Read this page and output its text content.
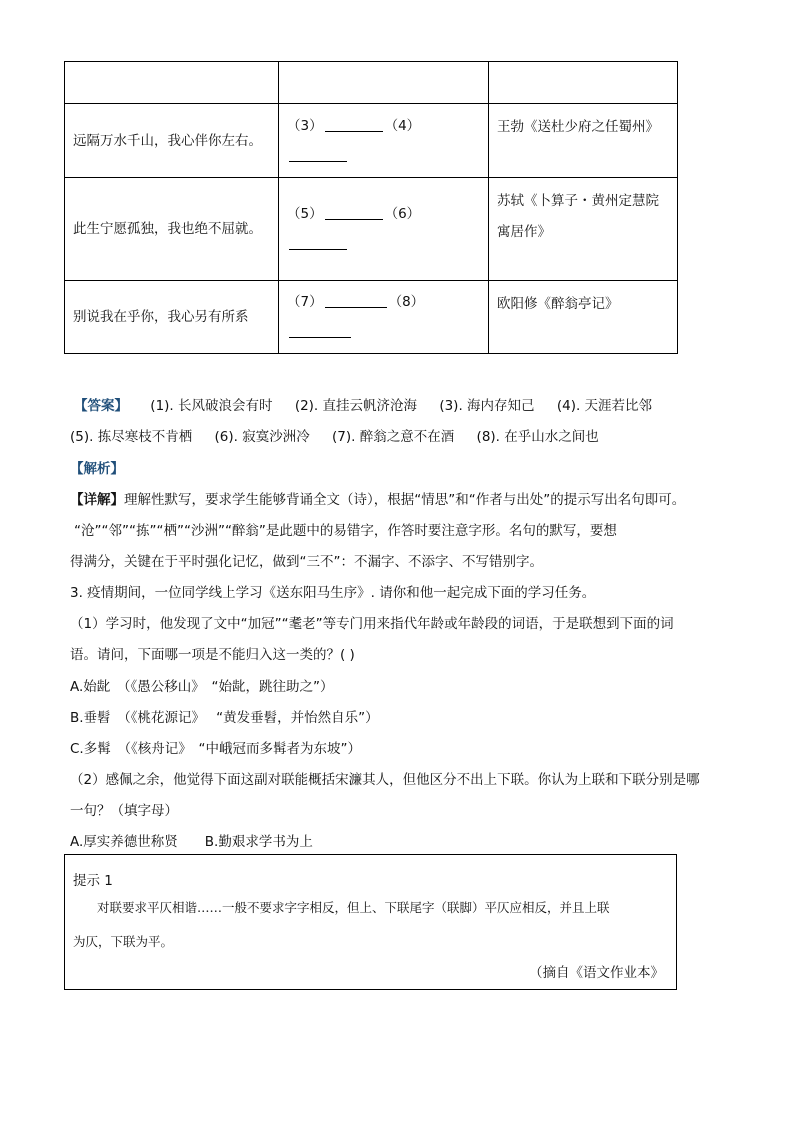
远隔万水千山，我心伴你左右。	（3） （4）	王勃《送杜少府之任蜀州》
此生宁愿孤独，我也绝不屈就。	（5） （6）	苏轼《卜算子・黄州定慧院寓居作》
别说我在乎你，我心另有所系	（7） （8）	欧阳修《醉翁亭记》
【答案】 (1). 长风破浪会有时 (2). 直挂云帆济沧海 (3). 海内存知己 (4). 天涯若比邻
(5). 拣尽寒枝不肯栖 (6). 寂寞沙洲冷 (7). 醉翁之意不在酒 (8). 在乎山水之间也
【解析】
【详解】理解性默写，要求学生能够背诵全文（诗），根据“情思”和“作者与出处”的提示写出名句即可。
“沧”“邻”“拣”“栖”“沙洲”“醉翁”是此题中的易错字，作答时要注意字形。名句的默写，要想
得满分，关键在于平时强化记忆，做到“三不”：不漏字、不添字、不写错别字。
3. 疫情期间，一位同学线上学习《送东阳马生序》. 请你和他一起完成下面的学习任务。
（1）学习时，他发现了文中“加冠”“耄老”等专门用来指代年龄或年龄段的词语，于是联想到下面的词
语。请问，下面哪一项是不能归入这一类的？( )
A.始龀　（《愚公移山》　“始龀，跳往助之”）
B.垂髫　（《桃花源记》　 “黄发垂髫，并怡然自乐”）
C.多髯　（《核舟记》　“中峨冠而多髯者为东坡”）
（2）感佩之余，他觉得下面这副对联能概括宋濂其人，但他区分不出上下联。你认为上联和下联分别是哪
一句？（填字母）
A.厚实养德世称贤　　B.勤艰求学书为上
提示 1
对联要求平仄相谐……一般不要求字字相反，但上、下联尾字（联脚）平仄应相反，并且上联
为仄，下联为平。
（摘自《语文作业本》
